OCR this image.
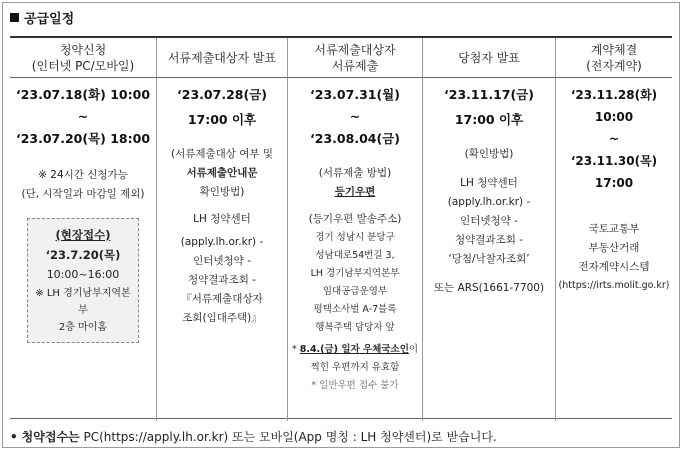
공급일정
청약신청
(인터넷 PC/모바일)
서류제출대상자 발표
서류제출대상자
서류제출
당첨자 발표
계약체결
(전자계약)
‘23.07.18(화) 10:00
~
‘23.07.20(목) 18:00
※ 24시간 신청가능
(단, 시작일과 마감일 제외)
(현장접수)
‘23.7.20(목)
10:00~16:00
※ LH 경기남부지역본부
2층 마이홈
‘23.07.28(금)
17:00 이후
(서류제출대상 여부 및
서류제출안내문
확인방법)
LH 청약센터
(apply.lh.or.kr) -
인터넷청약 -
청약결과조회 -
『서류제출대상자
조회(임대주택)』
‘23.07.31(월)
~
‘23.08.04(금)
(서류제출 방법)
등기우편
(등기우편 발송주소)
경기 성남시 분당구
성남대로54번길 3,
LH 경기남부지역본부
임대공급운영부
평택소사벌 A-7블록
행복주택 담당자 앞
* 8.4.(금) 일자 우체국소인이
찍힌 우편까지 유효함
* 일반우편 접수 불가
‘23.11.17(금)
17:00 이후
(확인방법)
LH 청약센터
(apply.lh.or.kr) -
인터넷청약 -
청약결과조회 -
‘당첨/낙찰자조회’
또는 ARS(1661-7700)
‘23.11.28(화) 10:00
~
‘23.11.30(목) 17:00
국토교통부
부동산거래
전자계약시스템
(https://irts.molit.go.kr)
• 청약접수는 PC(https://apply.lh.or.kr) 또는 모바일(App 명칭 : LH 청약센터)로 받습니다.
